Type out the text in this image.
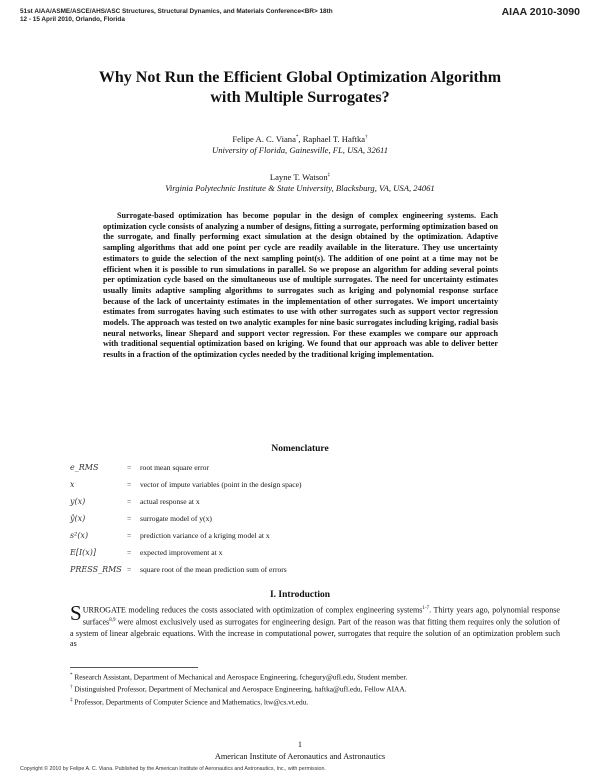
51st AIAA/ASME/ASCE/AHS/ASC Structures, Structural Dynamics, and Materials Conference<BR> 18th
12 - 15 April 2010, Orlando, Florida
AIAA 2010-3090
Why Not Run the Efficient Global Optimization Algorithm
with Multiple Surrogates?
Felipe A. C. Viana*, Raphael T. Haftka†
University of Florida, Gainesville, FL, USA, 32611
Layne T. Watson‡
Virginia Polytechnic Institute & State University, Blacksburg, VA, USA, 24061

Surrogate-based optimization has become popular in the design of complex engineering systems. Each optimization cycle consists of analyzing a number of designs, fitting a surrogate, performing optimization based on the surrogate, and finally performing exact simulation at the design obtained by the optimization. Adaptive sampling algorithms that add one point per cycle are readily available in the literature. They use uncertainty estimators to guide the selection of the next sampling point(s). The addition of one point at a time may not be efficient when it is possible to run simulations in parallel. So we propose an algorithm for adding several points per optimization cycle based on the simultaneous use of multiple surrogates. The need for uncertainty estimates usually limits adaptive sampling algorithms to surrogates such as kriging and polynomial response surface because of the lack of uncertainty estimates in the implementation of other surrogates. We import uncertainty estimates from surrogates having such estimates to use with other surrogates such as support vector regression models. The approach was tested on two analytic examples for nine basic surrogates including kriging, radial basis neural networks, linear Shepard and support vector regression. For these examples we compare our approach with traditional sequential optimization based on kriging. We found that our approach was able to deliver better results in a fraction of the optimization cycles needed by the traditional kriging implementation.

Nomenclature
e_RMS	= root mean square error
x	= vector of impute variables (point in the design space)
y(x)	= actual response at x
ŷ(x)	= surrogate model of y(x)
s²(x)	= prediction variance of a kriging model at x
E[I(x)]	= expected improvement at x
PRESS_RMS = square root of the mean prediction sum of errors
I. Introduction

SURROGATE modeling reduces the costs associated with optimization of complex engineering systems$^{1-7}$. Thirty years ago, polynomial response surfaces$^{8,9}$ were almost exclusively used as surrogates for engineering design. Part of the reason was that fitting them requires only the solution of a system of linear algebraic equations. With the increase in computational power, surrogates that require the solution of an optimization problem such as

* Research Assistant, Department of Mechanical and Aerospace Engineering, fchegury@ufl.edu, Student member.
† Distinguished Professor, Department of Mechanical and Aerospace Engineering, haftka@ufl.edu, Fellow AIAA.
‡ Professor, Departments of Computer Science and Mathematics, ltw@cs.vt.edu.
1
American Institute of Aeronautics and Astronautics
Copyright © 2010 by Felipe A. C. Viana. Published by the American Institute of Aeronautics and Astronautics, Inc., with permission.
